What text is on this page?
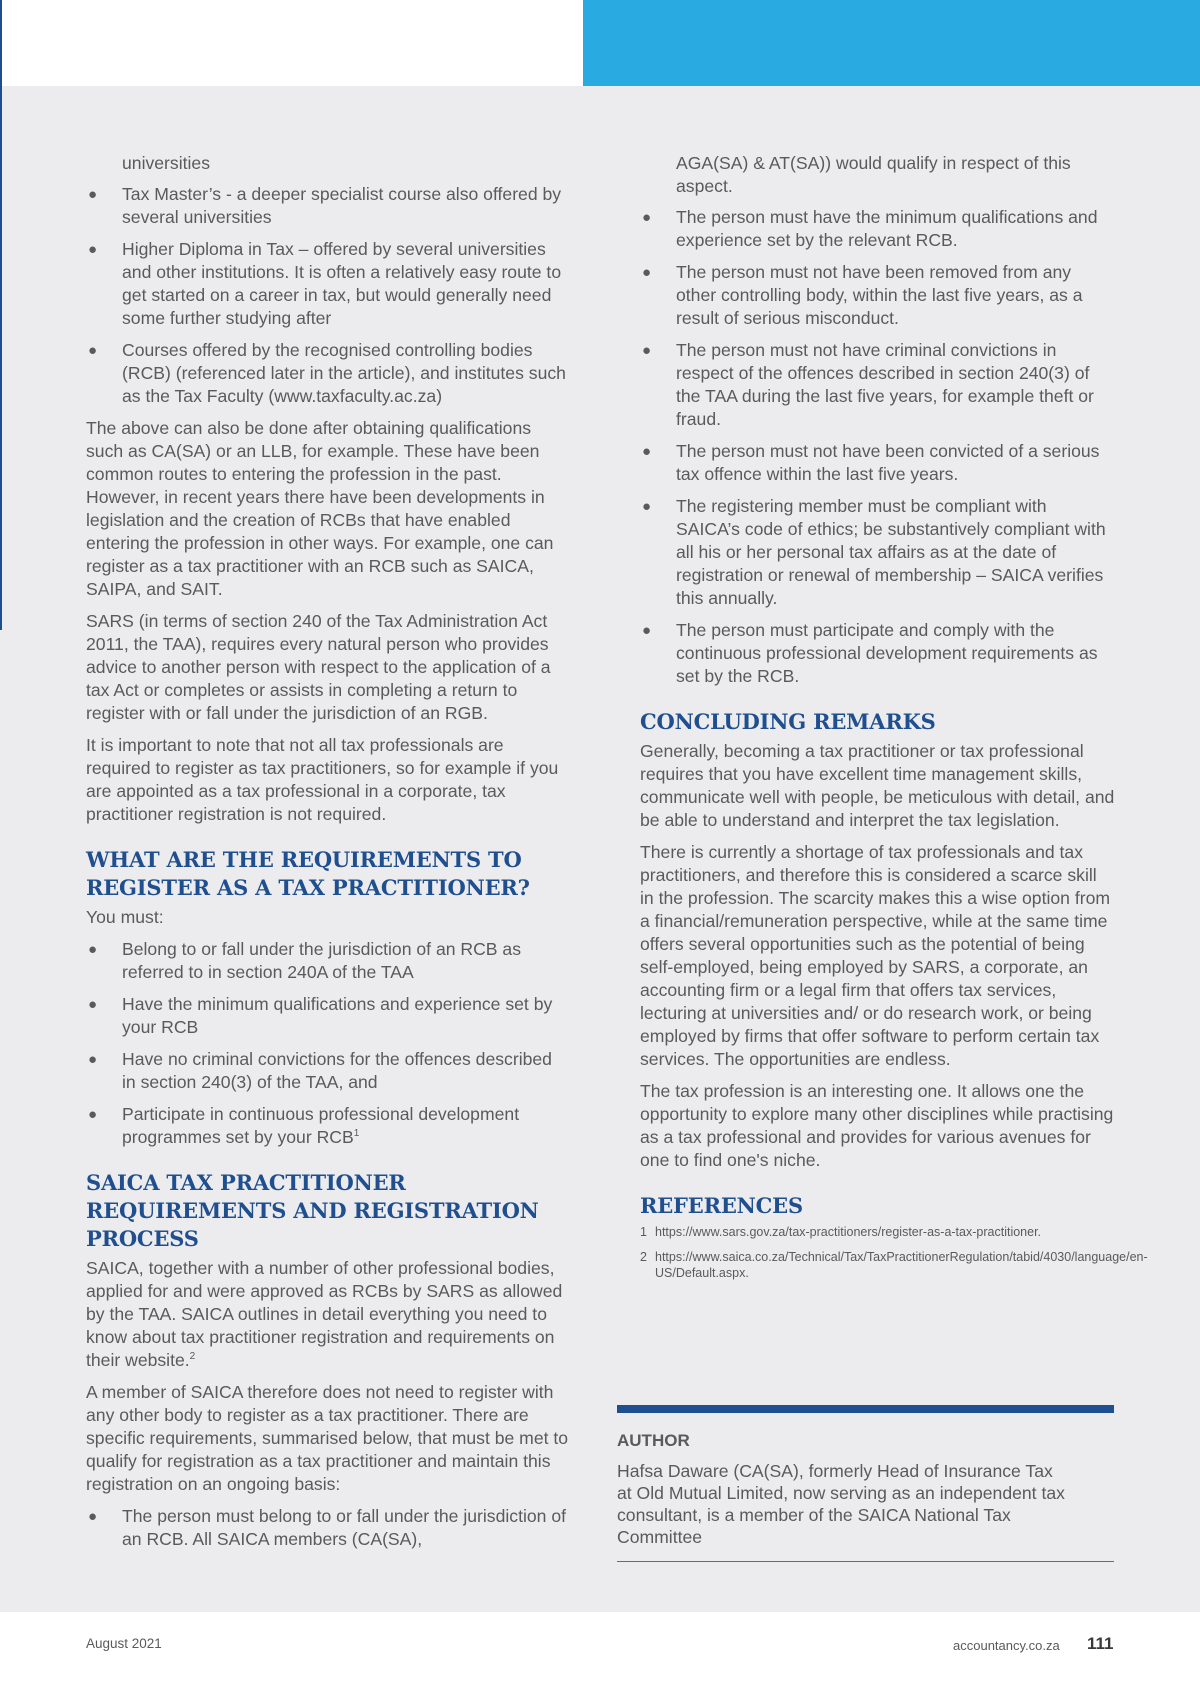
universities
● Tax Master’s - a deeper specialist course also offered by several universities
● Higher Diploma in Tax – offered by several universities and other institutions. It is often a relatively easy route to get started on a career in tax, but would generally need some further studying after
● Courses offered by the recognised controlling bodies (RCB) (referenced later in the article), and institutes such as the Tax Faculty (www.taxfaculty.ac.za)

The above can also be done after obtaining qualifications such as CA(SA) or an LLB, for example. These have been common routes to entering the profession in the past. However, in recent years there have been developments in legislation and the creation of RCBs that have enabled entering the profession in other ways. For example, one can register as a tax practitioner with an RCB such as SAICA, SAIPA, and SAIT.

SARS (in terms of section 240 of the Tax Administration Act 2011, the TAA), requires every natural person who provides advice to another person with respect to the application of a tax Act or completes or assists in completing a return to register with or fall under the jurisdiction of an RGB.

It is important to note that not all tax professionals are required to register as tax practitioners, so for example if you are appointed as a tax professional in a corporate, tax practitioner registration is not required.

WHAT ARE THE REQUIREMENTS TO REGISTER AS A TAX PRACTITIONER?

You must:

● Belong to or fall under the jurisdiction of an RCB as referred to in section 240A of the TAA
● Have the minimum qualifications and experience set by your RCB
● Have no criminal convictions for the offences described in section 240(3) of the TAA, and
● Participate in continuous professional development programmes set by your RCB$^1$
SAICA TAX PRACTITIONER REQUIREMENTS AND REGISTRATION PROCESS

SAICA, together with a number of other professional bodies, applied for and were approved as RCBs by SARS as allowed by the TAA. SAICA outlines in detail everything you need to know about tax practitioner registration and requirements on their website.$^2$

A member of SAICA therefore does not need to register with any other body to register as a tax practitioner. There are specific requirements, summarised below, that must be met to qualify for registration as a tax practitioner and maintain this registration on an ongoing basis:

● The person must belong to or fall under the jurisdiction of an RCB. All SAICA members (CA(SA),
AGA(SA) & AT(SA)) would qualify in respect of this aspect.
● The person must have the minimum qualifications and experience set by the relevant RCB.
● The person must not have been removed from any other controlling body, within the last five years, as a result of serious misconduct.
● The person must not have criminal convictions in respect of the offences described in section 240(3) of the TAA during the last five years, for example theft or fraud.
● The person must not have been convicted of a serious tax offence within the last five years.
● The registering member must be compliant with SAICA’s code of ethics; be substantively compliant with all his or her personal tax affairs as at the date of registration or renewal of membership – SAICA verifies this annually.
● The person must participate and comply with the continuous professional development requirements as set by the RCB.
CONCLUDING REMARKS

Generally, becoming a tax practitioner or tax professional requires that you have excellent time management skills, communicate well with people, be meticulous with detail, and be able to understand and interpret the tax legislation.

There is currently a shortage of tax professionals and tax practitioners, and therefore this is considered a scarce skill in the profession. The scarcity makes this a wise option from a financial/remuneration perspective, while at the same time offers several opportunities such as the potential of being self-employed, being employed by SARS, a corporate, an accounting firm or a legal firm that offers tax services, lecturing at universities and/ or do research work, or being employed by firms that offer software to perform certain tax services. The opportunities are endless.

The tax profession is an interesting one. It allows one the opportunity to explore many other disciplines while practising as a tax professional and provides for various avenues for one to find one's niche.

REFERENCES
1 https://www.sars.gov.za/tax-practitioners/register-as-a-tax-practitioner.
2 https://www.saica.co.za/Technical/Tax/TaxPractitionerRegulation/tabid/4030/language/en-US/Default.aspx.
AUTHOR
Hafsa Daware (CA(SA), formerly Head of Insurance Tax at Old Mutual Limited, now serving as an independent tax consultant, is a member of the SAICA National Tax Committee
August 2021	accountancy.co.za 111
